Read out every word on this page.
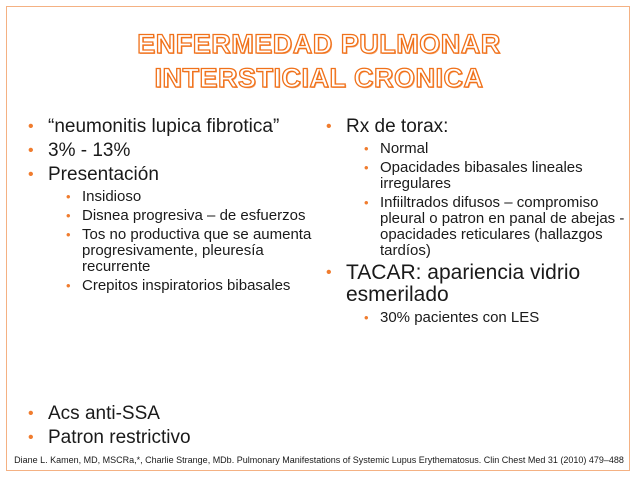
ENFERMEDAD PULMONAR
INTERSTICIAL CRONICA
• “neumonitis lupica fibrotica”
• 3% - 13%
• Presentación
• Insidioso
• Disnea progresiva – de esfuerzos
• Tos no productiva que se aumenta progresivamente, pleuresía recurrente
• Crepitos inspiratorios bibasales
• Acs anti-SSA
• Patron restrictivo
• Rx de torax:
• Normal
• Opacidades bibasales lineales irregulares
• Infiiltrados difusos – compromiso pleural o patron en panal de abejas - opacidades reticulares (hallazgos tardíos)
• TACAR: apariencia vidrio esmerilado
• 30% pacientes con LES
Diane L. Kamen, MD, MSCRa,*, Charlie Strange, MDb. Pulmonary Manifestations of Systemic Lupus Erythematosus. Clin Chest Med 31 (2010) 479–488
